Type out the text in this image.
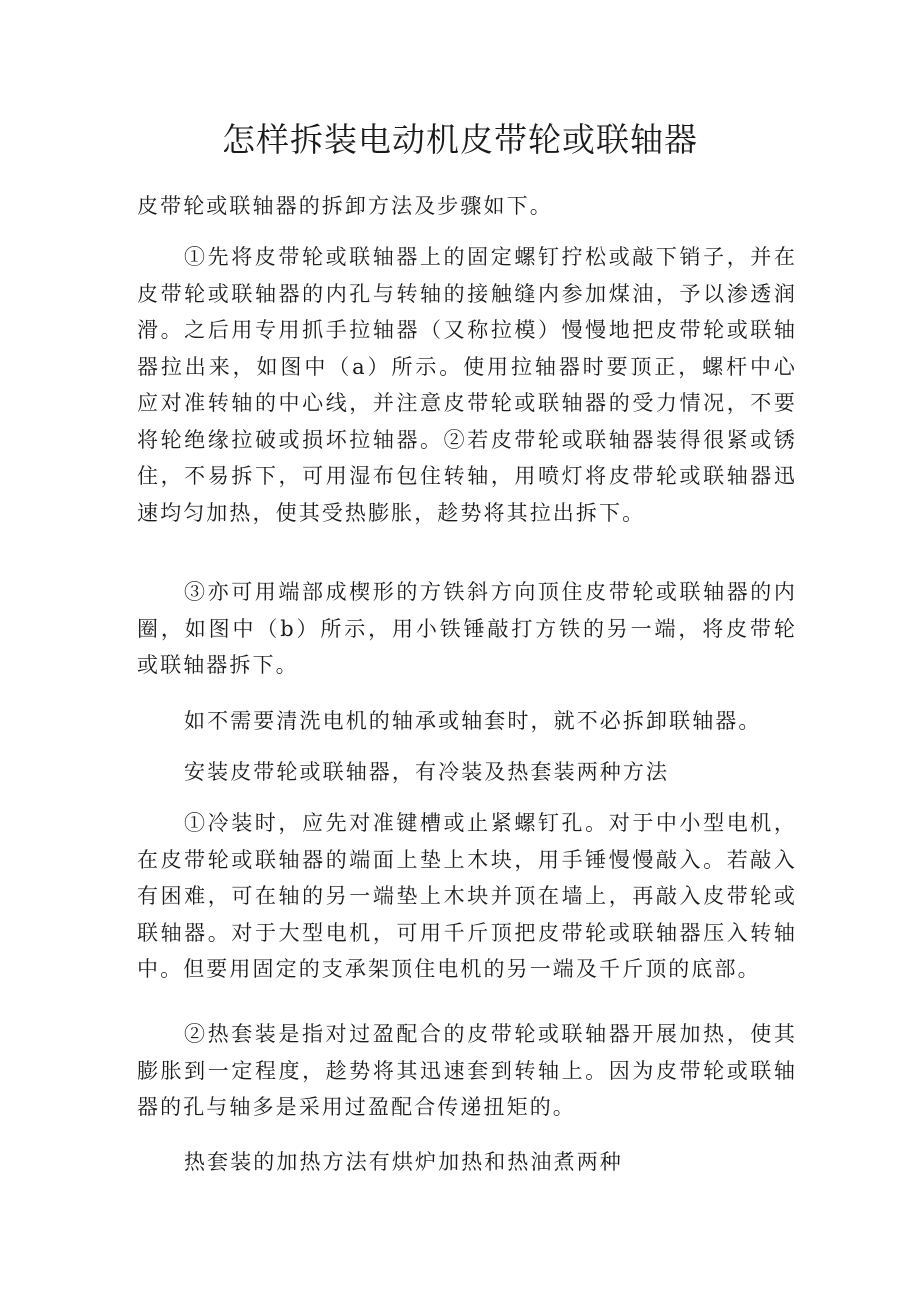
怎样拆装电动机皮带轮或联轴器

皮带轮或联轴器的拆卸方法及步骤如下。

①先将皮带轮或联轴器上的固定螺钉拧松或敲下销子，并在皮带轮或联轴器的内孔与转轴的接触缝内参加煤油，予以渗透润滑。之后用专用抓手拉轴器（又称拉模）慢慢地把皮带轮或联轴器拉出来，如图中（a）所示。使用拉轴器时要顶正，螺杆中心应对准转轴的中心线，并注意皮带轮或联轴器的受力情况，不要将轮绝缘拉破或损坏拉轴器。②若皮带轮或联轴器装得很紧或锈住，不易拆下，可用湿布包住转轴，用喷灯将皮带轮或联轴器迅速均匀加热，使其受热膨胀，趁势将其拉出拆下。

③亦可用端部成楔形的方铁斜方向顶住皮带轮或联轴器的内圈，如图中（b）所示，用小铁锤敲打方铁的另一端，将皮带轮或联轴器拆下。

如不需要清洗电机的轴承或轴套时，就不必拆卸联轴器。

安装皮带轮或联轴器，有冷装及热套装两种方法

①冷装时，应先对准键槽或止紧螺钉孔。对于中小型电机，在皮带轮或联轴器的端面上垫上木块，用手锤慢慢敲入。若敲入有困难，可在轴的另一端垫上木块并顶在墙上，再敲入皮带轮或联轴器。对于大型电机，可用千斤顶把皮带轮或联轴器压入转轴中。但要用固定的支承架顶住电机的另一端及千斤顶的底部。

②热套装是指对过盈配合的皮带轮或联轴器开展加热，使其膨胀到一定程度，趁势将其迅速套到转轴上。因为皮带轮或联轴器的孔与轴多是采用过盈配合传递扭矩的。

热套装的加热方法有烘炉加热和热油煮两种
